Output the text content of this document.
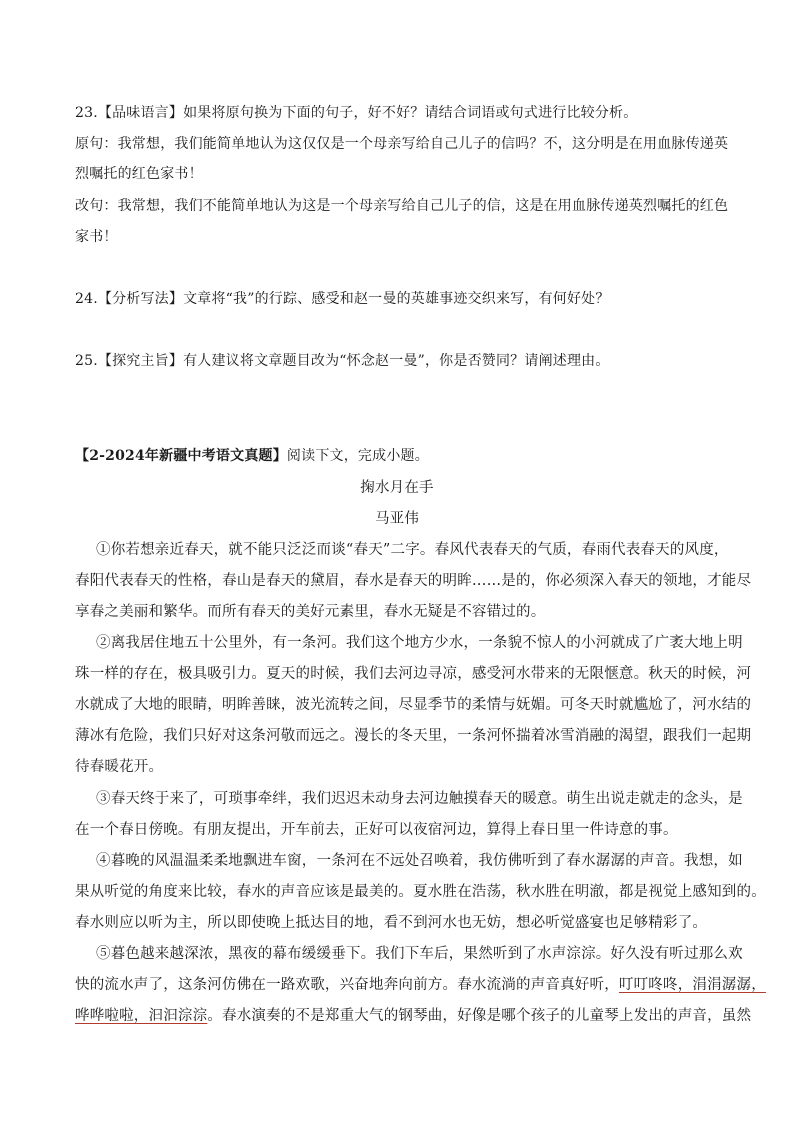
23.【品味语言】如果将原句换为下面的句子，好不好？请结合词语或句式进行比较分析。
原句：我常想，我们能简单地认为这仅仅是一个母亲写给自己儿子的信吗？不，这分明是在用血脉传递英
烈嘱托的红色家书！
改句：我常想，我们不能简单地认为这是一个母亲写给自己儿子的信，这是在用血脉传递英烈嘱托的红色
家书！
24.【分析写法】文章将“我”的行踪、感受和赵一曼的英雄事迹交织来写，有何好处？
25.【探究主旨】有人建议将文章题目改为“怀念赵一曼”，你是否赞同？请阐述理由。
【2-2024年新疆中考语文真题】阅读下文，完成小题。
掬水月在手
马亚伟
①你若想亲近春天，就不能只泛泛而谈“春天”二字。春风代表春天的气质，春雨代表春天的风度，
春阳代表春天的性格，春山是春天的黛眉，春水是春天的明眸……是的，你必须深入春天的领地，才能尽
享春之美丽和繁华。而所有春天的美好元素里，春水无疑是不容错过的。
②离我居住地五十公里外，有一条河。我们这个地方少水，一条貌不惊人的小河就成了广袤大地上明
珠一样的存在，极具吸引力。夏天的时候，我们去河边寻凉，感受河水带来的无限惬意。秋天的时候，河
水就成了大地的眼睛，明眸善睐，波光流转之间，尽显季节的柔情与妩媚。可冬天时就尴尬了，河水结的
薄冰有危险，我们只好对这条河敬而远之。漫长的冬天里，一条河怀揣着冰雪消融的渴望，跟我们一起期
待春暖花开。
③春天终于来了，可琐事牵绊，我们迟迟未动身去河边触摸春天的暖意。萌生出说走就走的念头，是
在一个春日傍晚。有朋友提出，开车前去，正好可以夜宿河边，算得上春日里一件诗意的事。
④暮晚的风温温柔柔地飘进车窗，一条河在不远处召唤着，我仿佛听到了春水潺潺的声音。我想，如
果从听觉的角度来比较，春水的声音应该是最美的。夏水胜在浩荡，秋水胜在明澈，都是视觉上感知到的。
春水则应以听为主，所以即使晚上抵达目的地，看不到河水也无妨，想必听觉盛宴也足够精彩了。
⑤暮色越来越深浓，黑夜的幕布缓缓垂下。我们下车后，果然听到了水声淙淙。好久没有听过那么欢
快的流水声了，这条河仿佛在一路欢歌，兴奋地奔向前方。春水流淌的声音真好听，叮叮咚咚，涓涓潺潺，
哗哗啦啦，汩汩淙淙。春水演奏的不是郑重大气的钢琴曲，好像是哪个孩子的儿童琴上发出的声音，虽然
